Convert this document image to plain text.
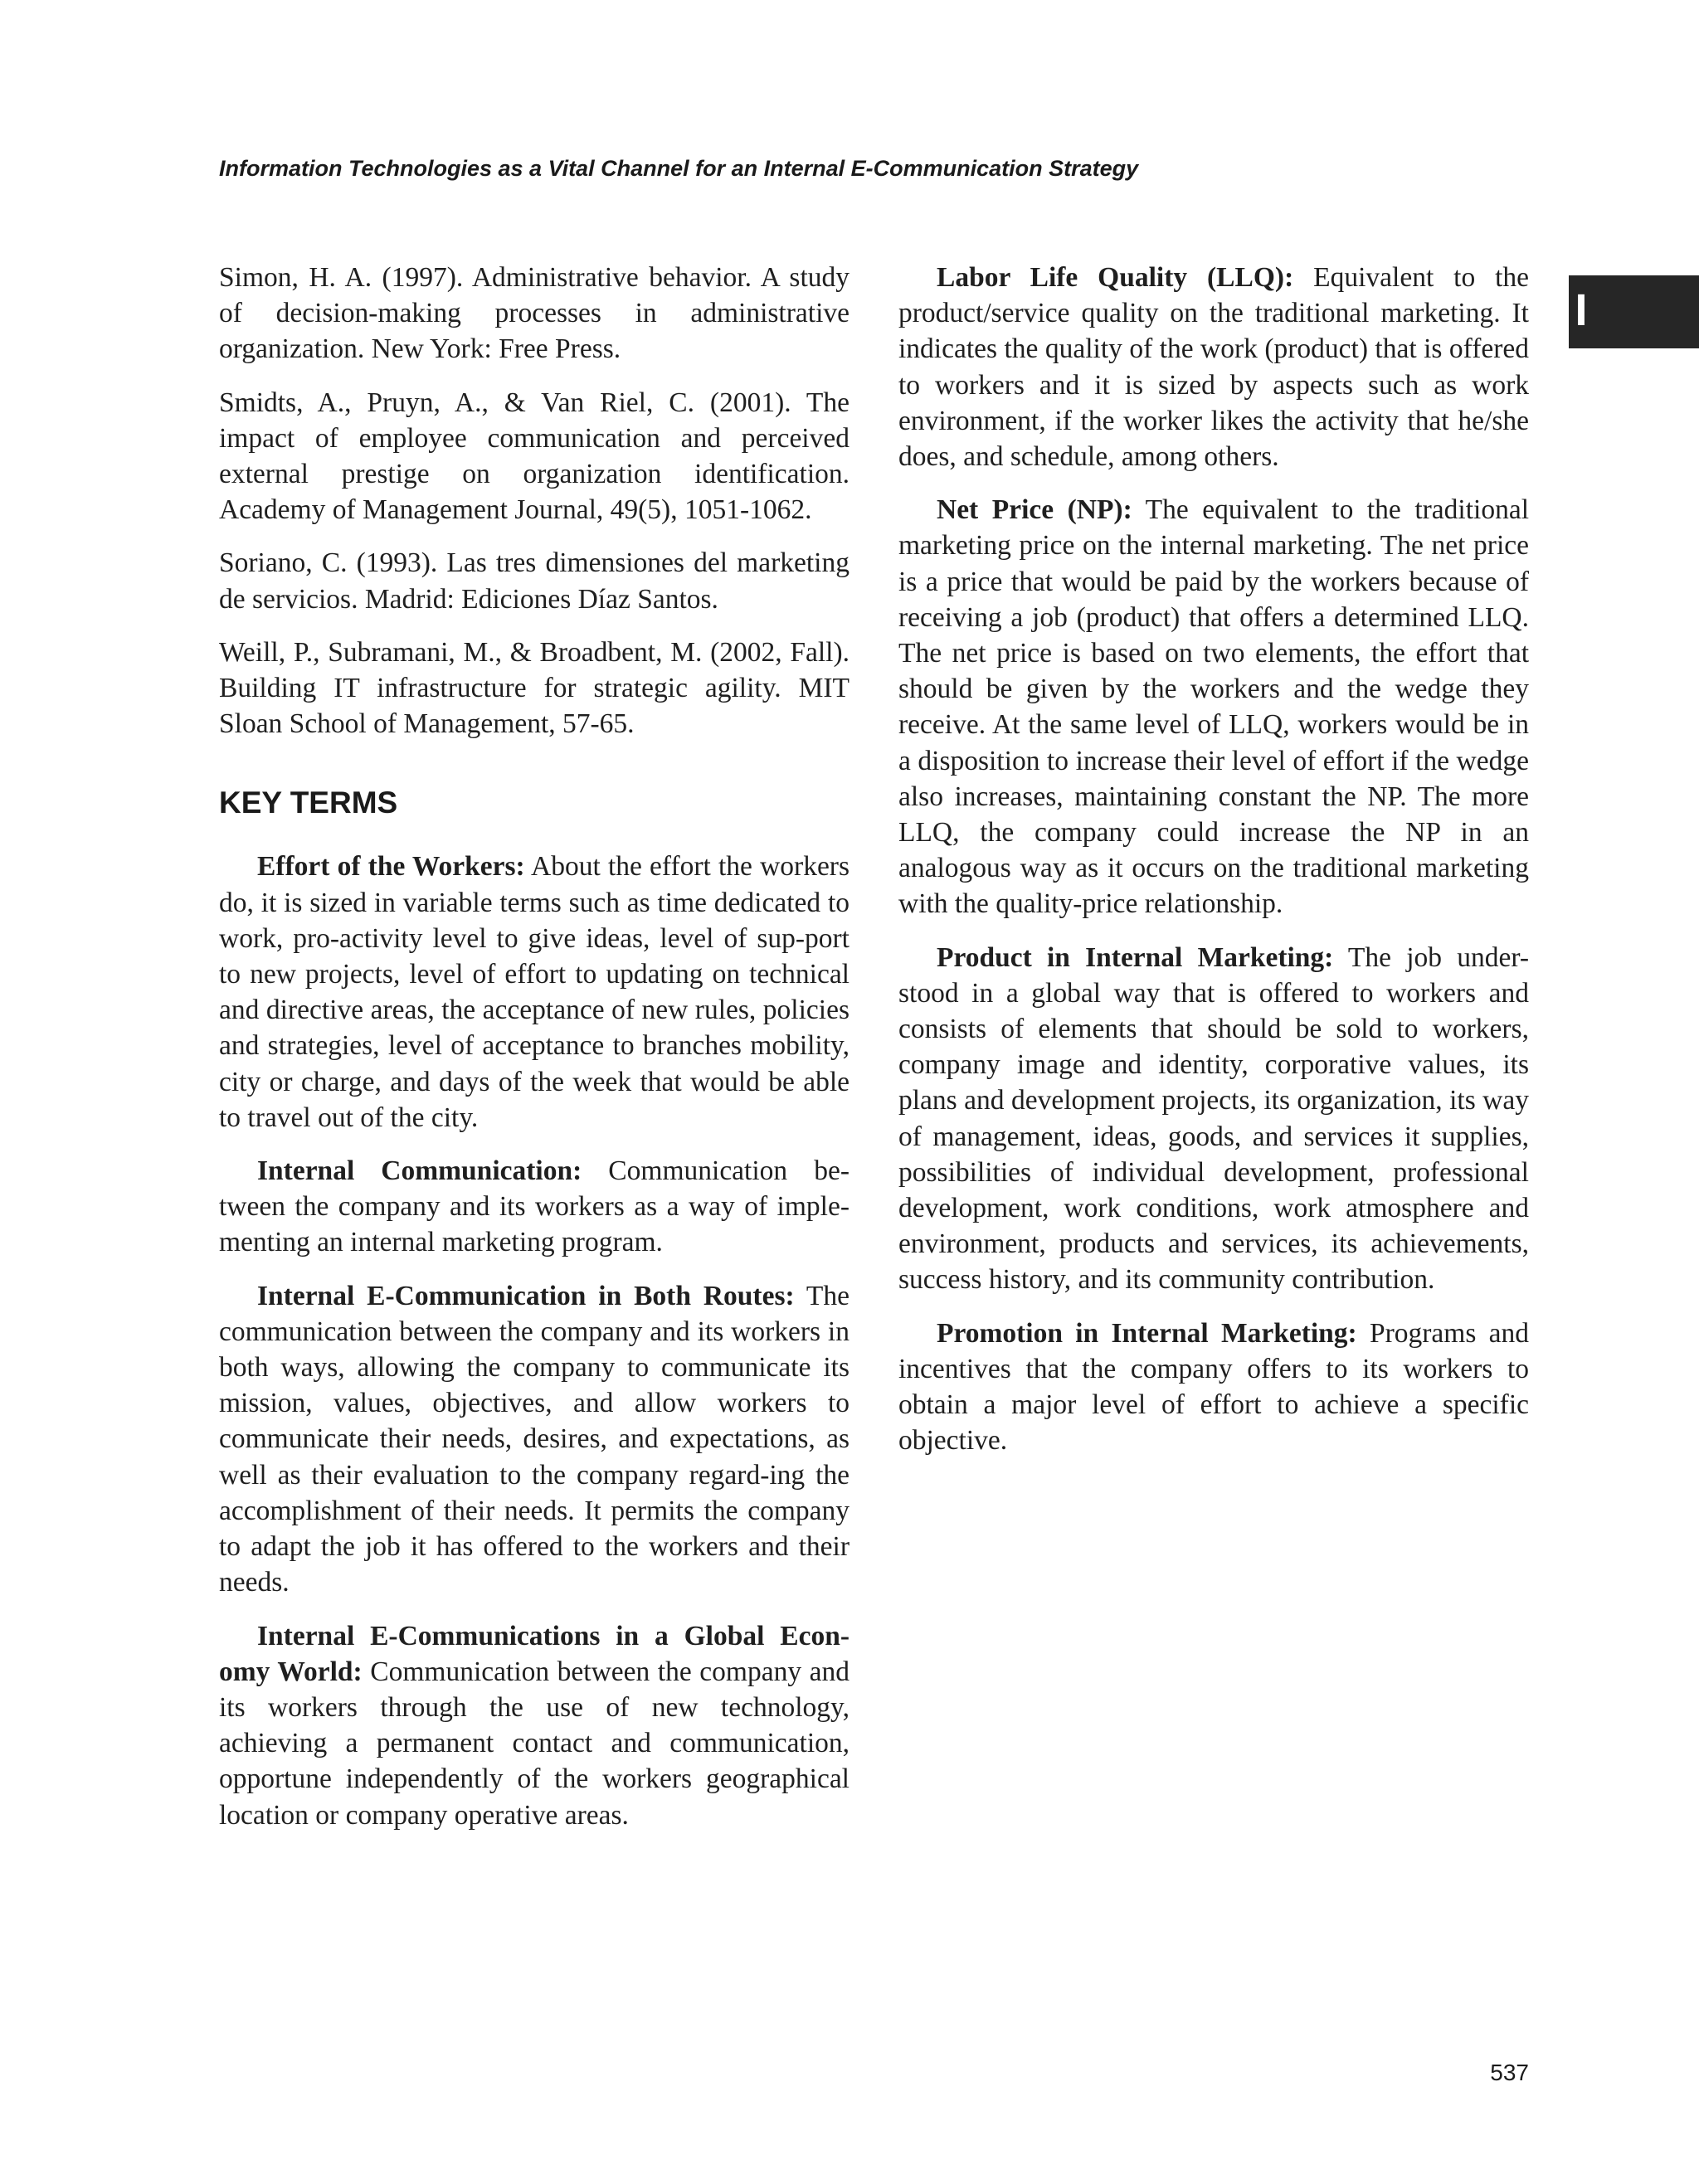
Information Technologies as a Vital Channel for an Internal E-Communication Strategy
I

Simon, H. A. (1997). Administrative behavior. A study of decision-making processes in administrative organization. New York: Free Press.

Smidts, A., Pruyn, A., & Van Riel, C. (2001). The impact of employee communication and perceived external prestige on organization identification. Academy of Management Journal, 49(5), 1051-1062.

Soriano, C. (1993). Las tres dimensiones del marketing de servicios. Madrid: Ediciones Díaz Santos.

Weill, P., Subramani, M., & Broadbent, M. (2002, Fall). Building IT infrastructure for strategic agility. MIT Sloan School of Management, 57-65.

KEY TERMS

Effort of the Workers: About the effort the workers do, it is sized in variable terms such as time dedicated to work, pro-activity level to give ideas, level of sup-port to new projects, level of effort to updating on technical and directive areas, the acceptance of new rules, policies and strategies, level of acceptance to branches mobility, city or charge, and days of the week that would be able to travel out of the city.

Internal Communication: Communication be-tween the company and its workers as a way of imple-menting an internal marketing program.

Internal E-Communication in Both Routes: The communication between the company and its workers in both ways, allowing the company to communicate its mission, values, objectives, and allow workers to communicate their needs, desires, and expectations, as well as their evaluation to the company regard-ing the accomplishment of their needs. It permits the company to adapt the job it has offered to the workers and their needs.

Internal E-Communications in a Global Econ-omy World: Communication between the company and its workers through the use of new technology, achieving a permanent contact and communication, opportune independently of the workers geographical location or company operative areas.

Labor Life Quality (LLQ): Equivalent to the product/service quality on the traditional marketing. It indicates the quality of the work (product) that is offered to workers and it is sized by aspects such as work environment, if the worker likes the activity that he/she does, and schedule, among others.

Net Price (NP): The equivalent to the traditional marketing price on the internal marketing. The net price is a price that would be paid by the workers because of receiving a job (product) that offers a determined LLQ. The net price is based on two elements, the effort that should be given by the workers and the wedge they receive. At the same level of LLQ, workers would be in a disposition to increase their level of effort if the wedge also increases, maintaining constant the NP. The more LLQ, the company could increase the NP in an analogous way as it occurs on the traditional marketing with the quality-price relationship.

Product in Internal Marketing: The job under-stood in a global way that is offered to workers and consists of elements that should be sold to workers, company image and identity, corporative values, its plans and development projects, its organization, its way of management, ideas, goods, and services it supplies, possibilities of individual development, professional development, work conditions, work atmosphere and environment, products and services, its achievements, success history, and its community contribution.

Promotion in Internal Marketing: Programs and incentives that the company offers to its workers to obtain a major level of effort to achieve a specific objective.

537
